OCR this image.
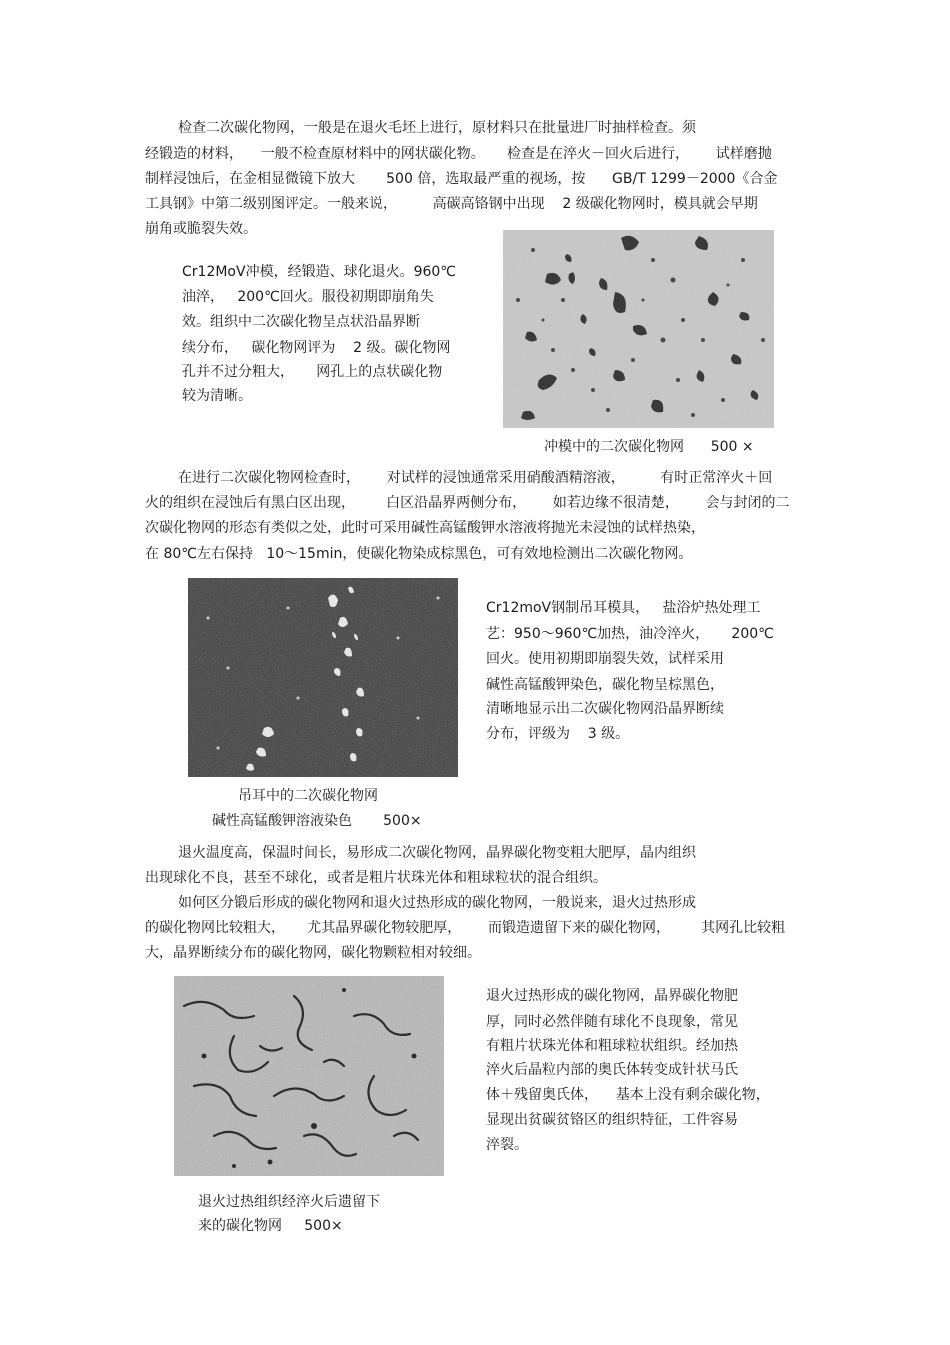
检查二次碳化物网，一般是在退火毛坯上进行，原材料只在批量进厂时抽样检查。须
经锻造的材料，    一般不检查原材料中的网状碳化物。     检查是在淬火－回火后进行，      试样磨抛
制样浸蚀后，在金相显微镜下放大       500 倍，选取最严重的视场，按      GB/T 1299－2000《合金
工具钢》中第二级别图评定。一般来说，        高碳高铬钢中出现    2 级碳化物网时，模具就会早期
崩角或脆裂失效。
Cr12MoV冲模，经锻造、球化退火。960℃
油淬，   200℃回火。服役初期即崩角失
效。组织中二次碳化物呈点状沿晶界断
续分布，   碳化物网评为    2 级。碳化物网
孔并不过分粗大，     网孔上的点状碳化物
较为清晰。
冲模中的二次碳化物网      500 ×
在进行二次碳化物网检查时，      对试样的浸蚀通常采用硝酸酒精溶液，        有时正常淬火＋回
火的组织在浸蚀后有黑白区出现，       白区沿晶界两侧分布，      如若边缘不很清楚，      会与封闭的二
次碳化物网的形态有类似之处，此时可采用碱性高锰酸钾水溶液将抛光未浸蚀的试样热染，
在 80℃左右保持   10～15min，使碳化物染成棕黑色，可有效地检测出二次碳化物网。
Cr12moV钢制吊耳模具，   盐浴炉热处理工
艺：950～960℃加热，油冷淬火，     200℃
回火。使用初期即崩裂失效，试样采用
碱性高锰酸钾染色，碳化物呈棕黑色，
清晰地显示出二次碳化物网沿晶界断续
分布，评级为    3 级。
吊耳中的二次碳化物网
碱性高锰酸钾溶液染色       500×
退火温度高，保温时间长，易形成二次碳化物网，晶界碳化物变粗大肥厚，晶内组织
出现球化不良，甚至不球化，或者是粗片状珠光体和粗球粒状的混合组织。
如何区分锻后形成的碳化物网和退火过热形成的碳化物网，一般说来，退火过热形成
的碳化物网比较粗大，     尤其晶界碳化物较肥厚，      而锻造遗留下来的碳化物网，       其网孔比较粗
大，晶界断续分布的碳化物网，碳化物颗粒相对较细。
退火过热形成的碳化物网，晶界碳化物肥
厚，同时必然伴随有球化不良现象，常见
有粗片状珠光体和粗球粒状组织。经加热
淬火后晶粒内部的奥氏体转变成针状马氏
体＋残留奥氏体，    基本上没有剩余碳化物，
显现出贫碳贫铬区的组织特征，工件容易
淬裂。
退火过热组织经淬火后遗留下
来的碳化物网     500×
